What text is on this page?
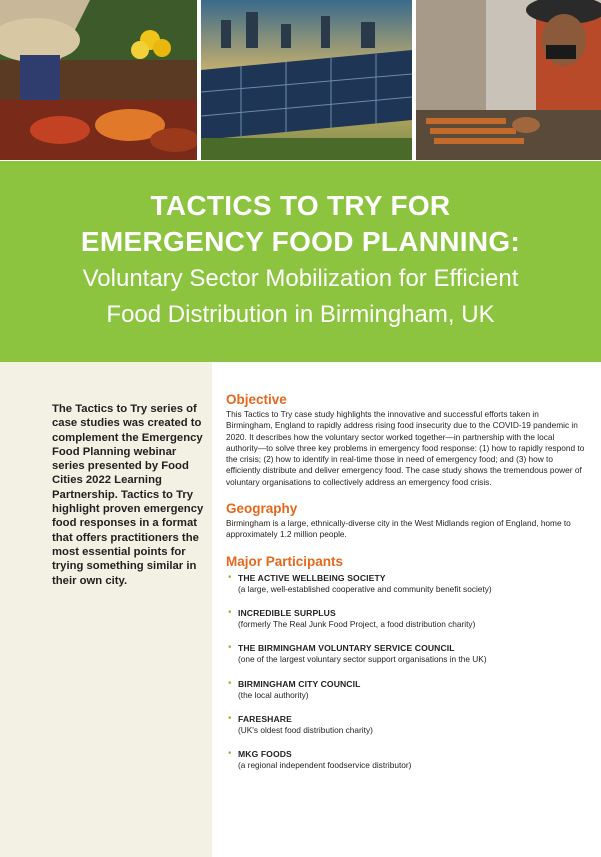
TACTICS TO TRY FOR
EMERGENCY FOOD PLANNING:
Voluntary Sector Mobilization for Efficient
Food Distribution in Birmingham, UK
The Tactics to Try series of case studies was created to complement the Emergency Food Planning webinar series presented by Food Cities 2022 Learning Partnership. Tactics to Try highlight proven emergency food responses in a format that offers practitioners the most essential points for trying something similar in their own city.
Objective

This Tactics to Try case study highlights the innovative and successful efforts taken in Birmingham, England to rapidly address rising food insecurity due to the COVID-19 pandemic in 2020. It describes how the voluntary sector worked together—in partnership with the local authority—to solve three key problems in emergency food response: (1) how to rapidly respond to the crisis; (2) how to identify in real-time those in need of emergency food; and (3) how to efficiently distribute and deliver emergency food. The case study shows the tremendous power of voluntary organisations to collectively address an emergency food crisis.

Geography

Birmingham is a large, ethnically-diverse city in the West Midlands region of England, home to approximately 1.2 million people.

Major Participants
• THE ACTIVE WELLBEING SOCIETY
(a large, well-established cooperative and community benefit society)
• INCREDIBLE SURPLUS
(formerly The Real Junk Food Project, a food distribution charity)
• THE BIRMINGHAM VOLUNTARY SERVICE COUNCIL
(one of the largest voluntary sector support organisations in the UK)
• BIRMINGHAM CITY COUNCIL
(the local authority)
• FARESHARE
(UK's oldest food distribution charity)
• MKG FOODS
(a regional independent foodservice distributor)
